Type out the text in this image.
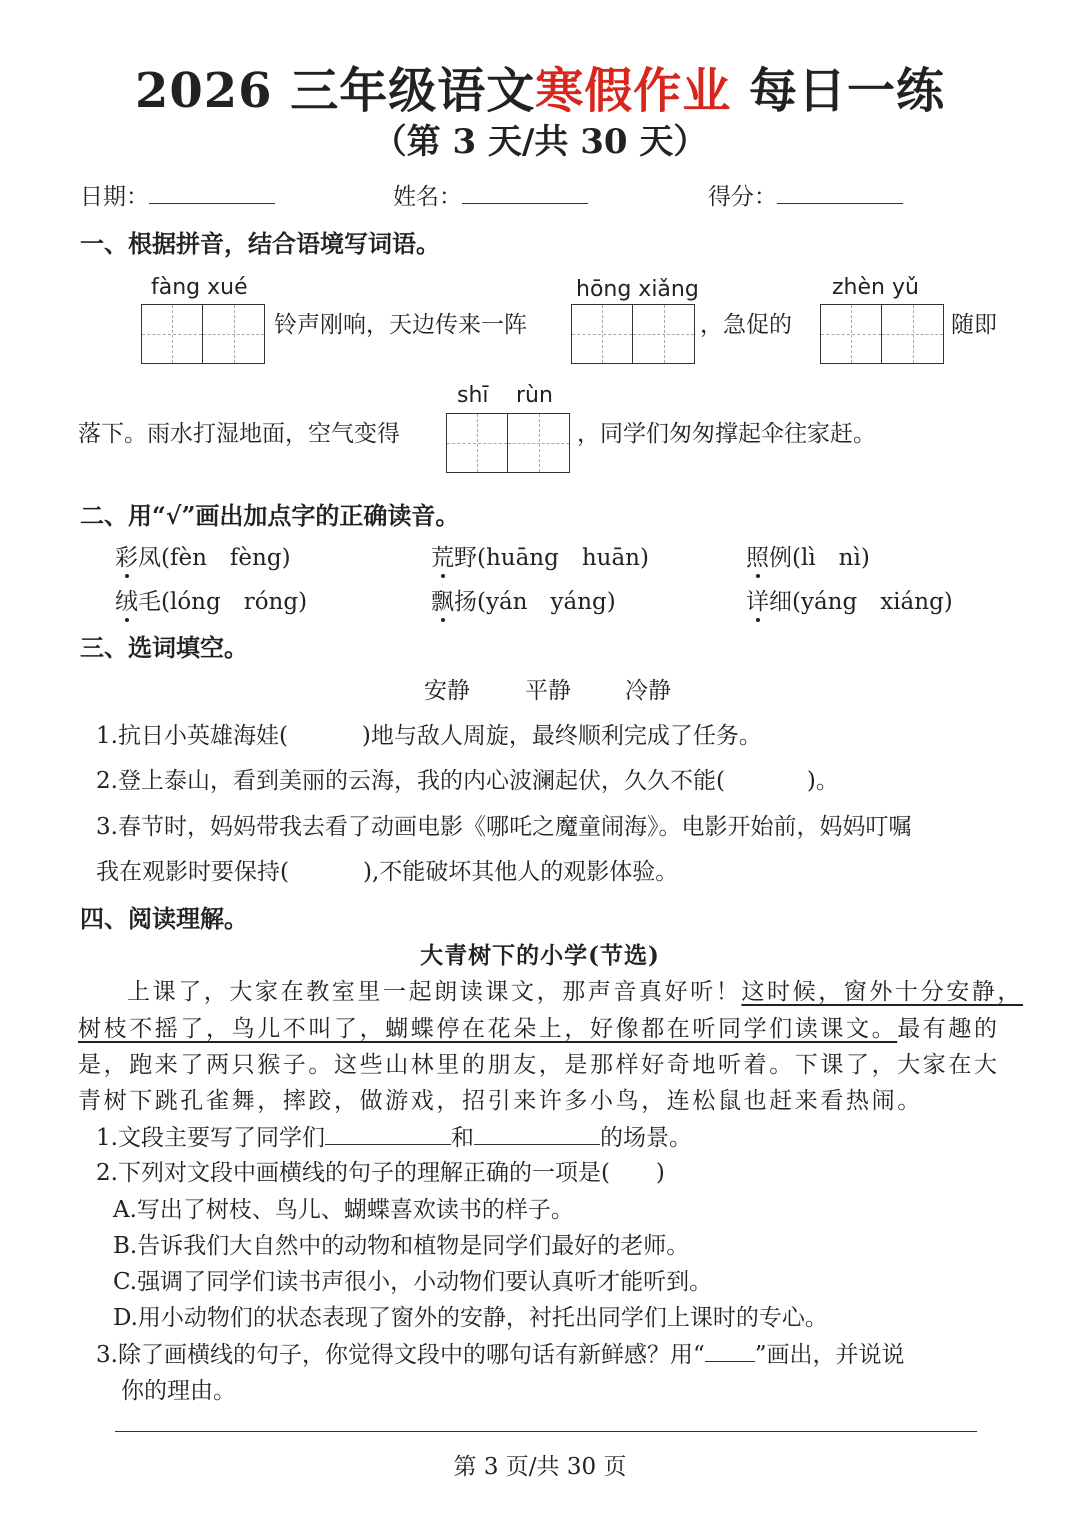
2026 三年级语文寒假作业 每日一练
（第 3 天/共 30 天）
日期：	姓名：	得分：
一、根据拼音，结合语境写词语。
fàng xué	hōng xiǎng	zhèn yǔ
铃声刚响，天边传来一阵	，急促的	随即
shī rùn
落下。雨水打湿地面，空气变得	，同学们匆匆撑起伞往家赶。
二、用“√”画出加点字的正确读音。
彩凤(fèn　fèng)	荒野(huāng　huān)	照例(lì　nì)
绒毛(lóng　róng)	飘扬(yán　yáng)	详细(yáng　xiáng)
三、选词填空。
安静 平静 冷静
1.抗日小英雄海娃(	)地与敌人周旋，最终顺利完成了任务。
2.登上泰山，看到美丽的云海，我的内心波澜起伏，久久不能(	)。
3.春节时，妈妈带我去看了动画电影《哪吒之魔童闹海》。电影开始前，妈妈叮嘱
我在观影时要保持(	),不能破坏其他人的观影体验。
四、阅读理解。
大青树下的小学(节选)
上课了，大家在教室里一起朗读课文，那声音真好听！这时候，窗外十分安静，
树枝不摇了，鸟儿不叫了，蝴蝶停在花朵上，好像都在听同学们读课文。最有趣的
是，跑来了两只猴子。这些山林里的朋友，是那样好奇地听着。下课了，大家在大
青树下跳孔雀舞，摔跤，做游戏，招引来许多小鸟，连松鼠也赶来看热闹。
1.文段主要写了同学们	和	的场景。
2.下列对文段中画横线的句子的理解正确的一项是(　　)
A.写出了树枝、鸟儿、蝴蝶喜欢读书的样子。
B.告诉我们大自然中的动物和植物是同学们最好的老师。
C.强调了同学们读书声很小，小动物们要认真听才能听到。
D.用小动物们的状态表现了窗外的安静，衬托出同学们上课时的专心。
3.除了画横线的句子，你觉得文段中的哪句话有新鲜感？用“ ”画出，并说说
你的理由。
第 3 页/共 30 页
